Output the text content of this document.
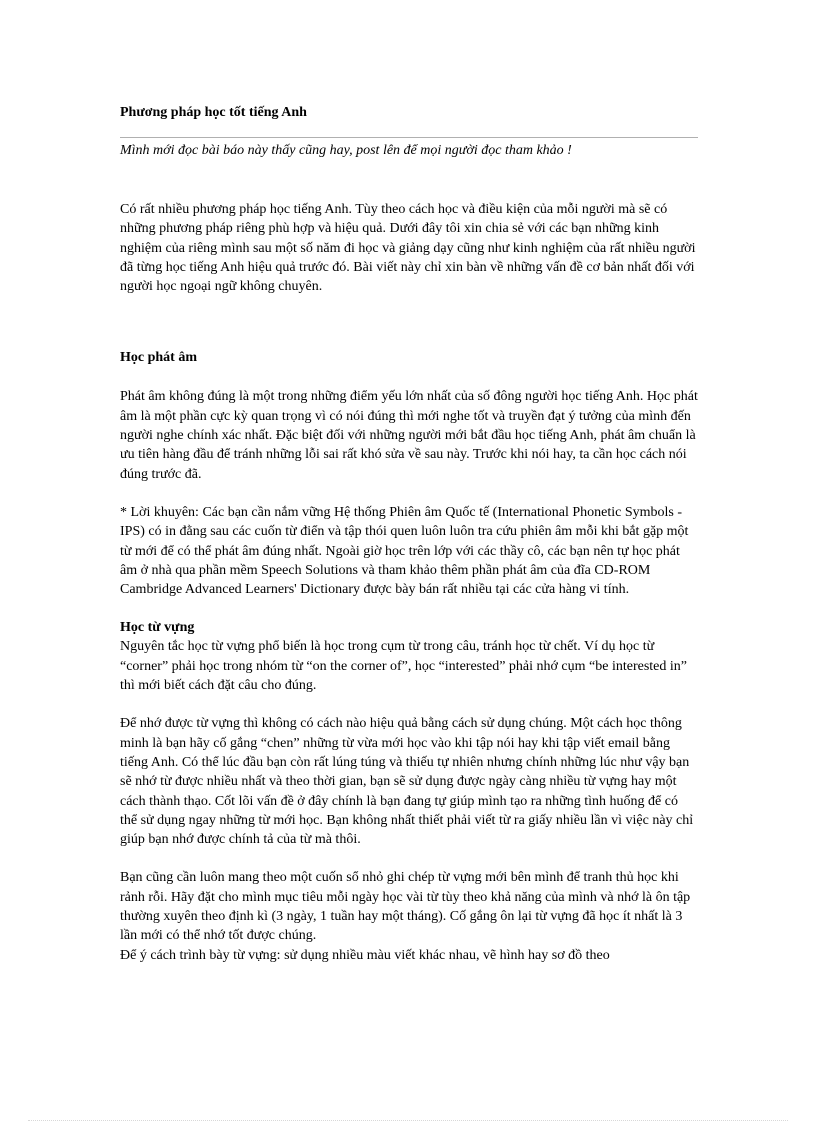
Phương pháp học tốt tiếng Anh
Mình mới đọc bài báo này thấy cũng hay, post lên để mọi người đọc tham khảo !

Có rất nhiều phương pháp học tiếng Anh. Tùy theo cách học và điều kiện của mỗi người mà sẽ có những phương pháp riêng phù hợp và hiệu quả. Dưới đây tôi xin chia sẻ với các bạn những kinh nghiệm của riêng mình sau một số năm đi học và giảng dạy cũng như kinh nghiệm của rất nhiều người đã từng học tiếng Anh hiệu quả trước đó. Bài viết này chỉ xin bàn về những vấn đề cơ bản nhất đối với người học ngoại ngữ không chuyên.

Học phát âm

Phát âm không đúng là một trong những điểm yếu lớn nhất của số đông người học tiếng Anh. Học phát âm là một phần cực kỳ quan trọng vì có nói đúng thì mới nghe tốt và truyền đạt ý tưởng của mình đến người nghe chính xác nhất. Đặc biệt đối với những người mới bắt đầu học tiếng Anh, phát âm chuẩn là ưu tiên hàng đầu để tránh những lỗi sai rất khó sửa về sau này. Trước khi nói hay, ta cần học cách nói đúng trước đã.

* Lời khuyên: Các bạn cần nắm vững Hệ thống Phiên âm Quốc tế (International Phonetic Symbols - IPS) có in đằng sau các cuốn từ điển và tập thói quen luôn luôn tra cứu phiên âm mỗi khi bắt gặp một từ mới để có thể phát âm đúng nhất. Ngoài giờ học trên lớp với các thầy cô, các bạn nên tự học phát âm ở nhà qua phần mềm Speech Solutions và tham khảo thêm phần phát âm của đĩa CD-ROM Cambridge Advanced Learners' Dictionary được bày bán rất nhiều tại các cửa hàng vi tính.

Học từ vựng

Nguyên tắc học từ vựng phổ biến là học trong cụm từ trong câu, tránh học từ chết. Ví dụ học từ “corner” phải học trong nhóm từ “on the corner of”, học “interested” phải nhớ cụm “be interested in” thì mới biết cách đặt câu cho đúng.

Để nhớ được từ vựng thì không có cách nào hiệu quả bằng cách sử dụng chúng. Một cách học thông minh là bạn hãy cố gắng “chen” những từ vừa mới học vào khi tập nói hay khi tập viết email bằng tiếng Anh. Có thể lúc đầu bạn còn rất lúng túng và thiếu tự nhiên nhưng chính những lúc như vậy bạn sẽ nhớ từ được nhiều nhất và theo thời gian, bạn sẽ sử dụng được ngày càng nhiều từ vựng hay một cách thành thạo. Cốt lõi vấn đề ở đây chính là bạn đang tự giúp mình tạo ra những tình huống để có thể sử dụng ngay những từ mới học. Bạn không nhất thiết phải viết từ ra giấy nhiều lần vì việc này chỉ giúp bạn nhớ được chính tả của từ mà thôi.

Bạn cũng cần luôn mang theo một cuốn sổ nhỏ ghi chép từ vựng mới bên mình để tranh thủ học khi rảnh rỗi. Hãy đặt cho mình mục tiêu mỗi ngày học vài từ tùy theo khả năng của mình và nhớ là ôn tập thường xuyên theo định kì (3 ngày, 1 tuần hay một tháng). Cố gắng ôn lại từ vựng đã học ít nhất là 3 lần mới có thể nhớ tốt được chúng.

Để ý cách trình bày từ vựng: sử dụng nhiều màu viết khác nhau, vẽ hình hay sơ đồ theo
